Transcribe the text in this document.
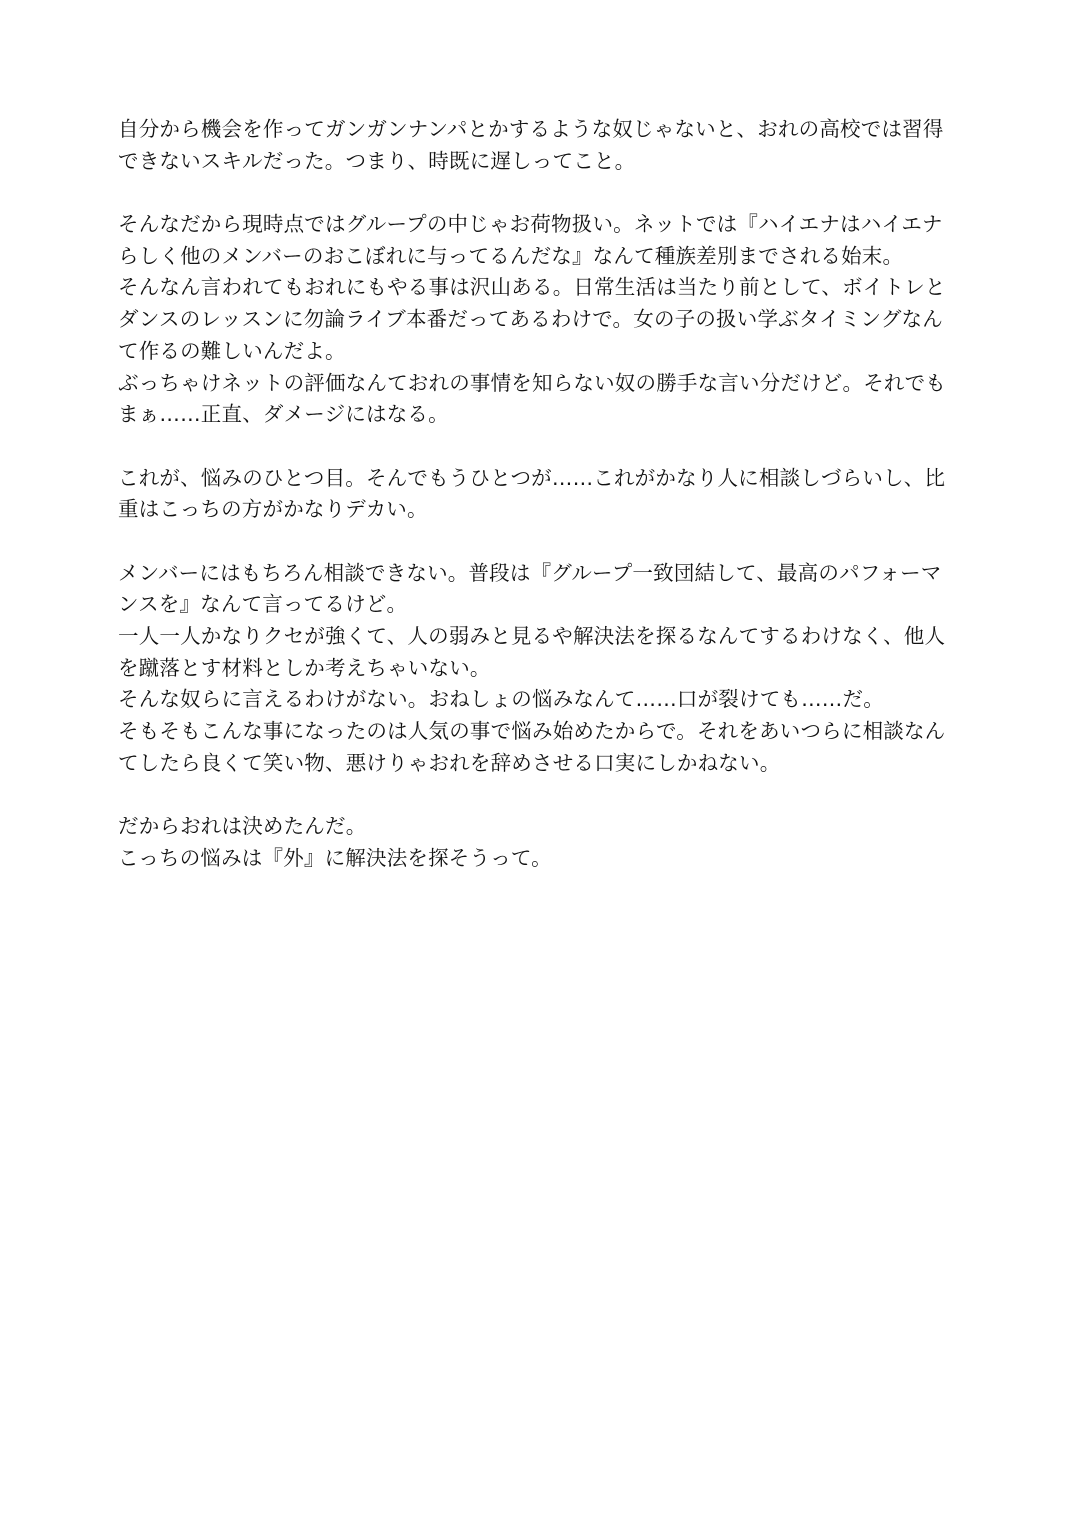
自分から機会を作ってガンガンナンパとかするような奴じゃないと、おれの高校では習得
できないスキルだった。つまり、時既に遅しってこと。
そんなだから現時点ではグループの中じゃお荷物扱い。ネットでは『ハイエナはハイエナ
らしく他のメンバーのおこぼれに与ってるんだな』なんて種族差別までされる始末。
そんなん言われてもおれにもやる事は沢山ある。日常生活は当たり前として、ボイトレと
ダンスのレッスンに勿論ライブ本番だってあるわけで。女の子の扱い学ぶタイミングなん
て作るの難しいんだよ。
ぶっちゃけネットの評価なんておれの事情を知らない奴の勝手な言い分だけど。それでも
まぁ……正直、ダメージにはなる。
これが、悩みのひとつ目。そんでもうひとつが……これがかなり人に相談しづらいし、比
重はこっちの方がかなりデカい。
メンバーにはもちろん相談できない。普段は『グループ一致団結して、最高のパフォーマ
ンスを』なんて言ってるけど。
一人一人かなりクセが強くて、人の弱みと見るや解決法を探るなんてするわけなく、他人
を蹴落とす材料としか考えちゃいない。
そんな奴らに言えるわけがない。おねしょの悩みなんて……口が裂けても……だ。
そもそもこんな事になったのは人気の事で悩み始めたからで。それをあいつらに相談なん
てしたら良くて笑い物、悪けりゃおれを辞めさせる口実にしかねない。
だからおれは決めたんだ。
こっちの悩みは『外』に解決法を探そうって。
